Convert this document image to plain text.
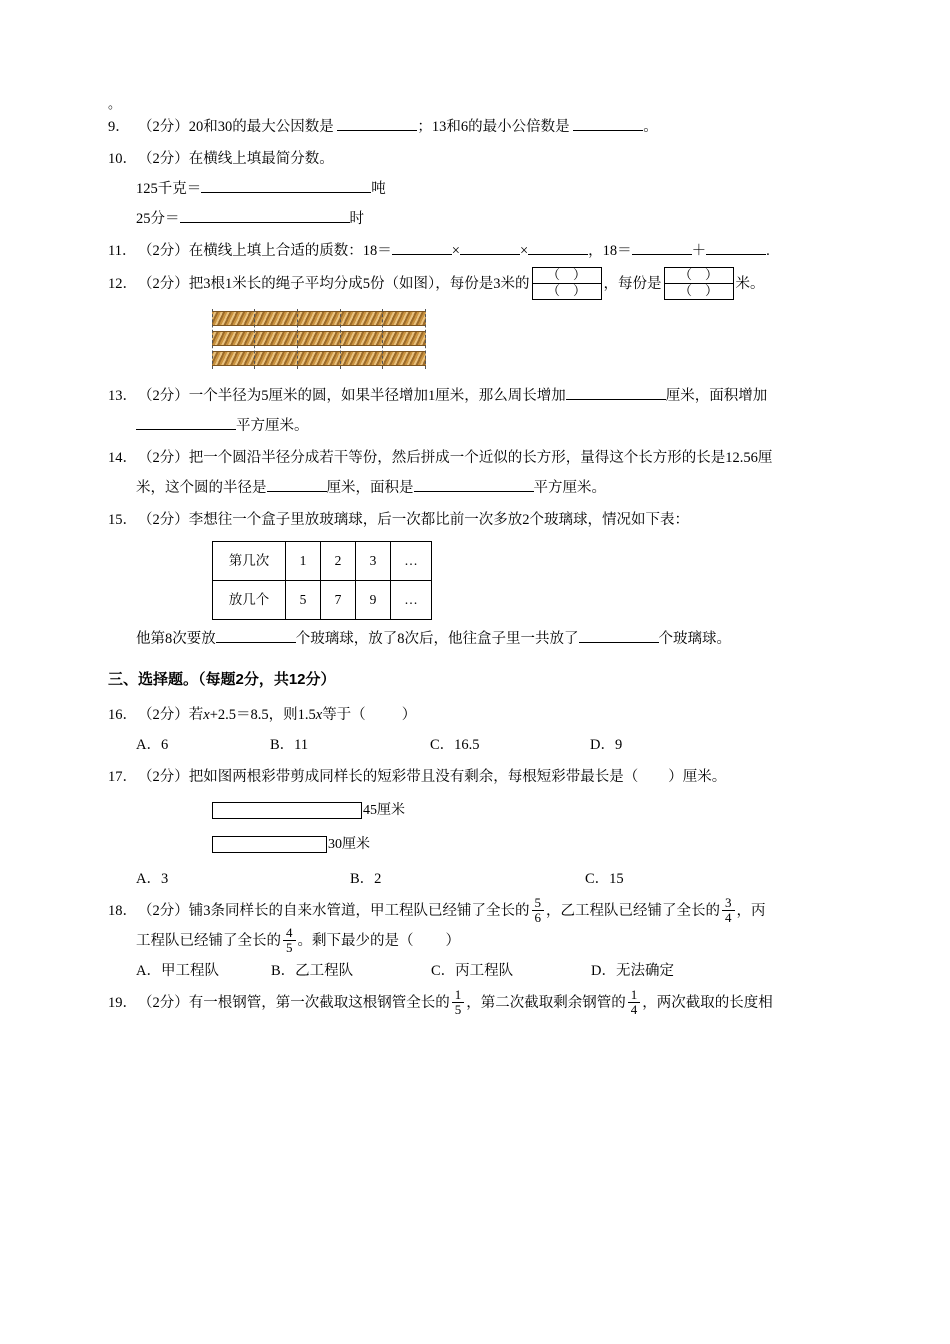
。
9． （2分）20和30的最大公因数是	；13和6的最小公倍数是	。
10．（2分）在横线上填最简分数。
125千克＝	吨
25分＝	时
11． （2分）在横线上填上合适的质数：18＝	×	×	，18＝	＋	.
12．（2分）把3根1米长的绳子平均分成5份（如图），每份是3米的
（　）
（　）	，每份是
（　）
（　）	米。
13．（2分）一个半径为5厘米的圆，如果半径增加1厘米，那么周长增加	厘米，面积增加
平方厘米。
14．（2分）把一个圆沿半径分成若干等份，然后拼成一个近似的长方形，量得这个长方形的长是12.56厘
米，这个圆的半径是	厘米，面积是	平方厘米。
15．（2分）李想往一个盒子里放玻璃球，后一次都比前一次多放2个玻璃球，情况如下表：
第几次	1	2	3	…
放几个	5	7	9	…
他第8次要放	个玻璃球，放了8次后，他往盒子里一共放了	个玻璃球。
三、选择题。（每题2分，共12分）
16．（2分）若x+2.5＝8.5，则1.5x等于（ ）
A．6	B．11	C．16.5	D．9
17．（2分）把如图两根彩带剪成同样长的短彩带且没有剩余，每根短彩带最长是（ ）厘米。
45厘米
30厘米
A．3	B．2	C．15
18．（2分）铺3条同样长的自来水管道，甲工程队已经铺了全长的 $\frac{5}{6}$ ，乙工程队已经铺了全长的 $\frac{3}{4}$ ，丙
工程队已经铺了全长的 $\frac{4}{5}$ 。剩下最少的是（ ）
A．甲工程队	B．乙工程队	C．丙工程队	D．无法确定
19．（2分）有一根钢管，第一次截取这根钢管全长的 $\frac{1}{5}$ ，第二次截取剩余钢管的 $\frac{1}{4}$ ，两次截取的长度相
